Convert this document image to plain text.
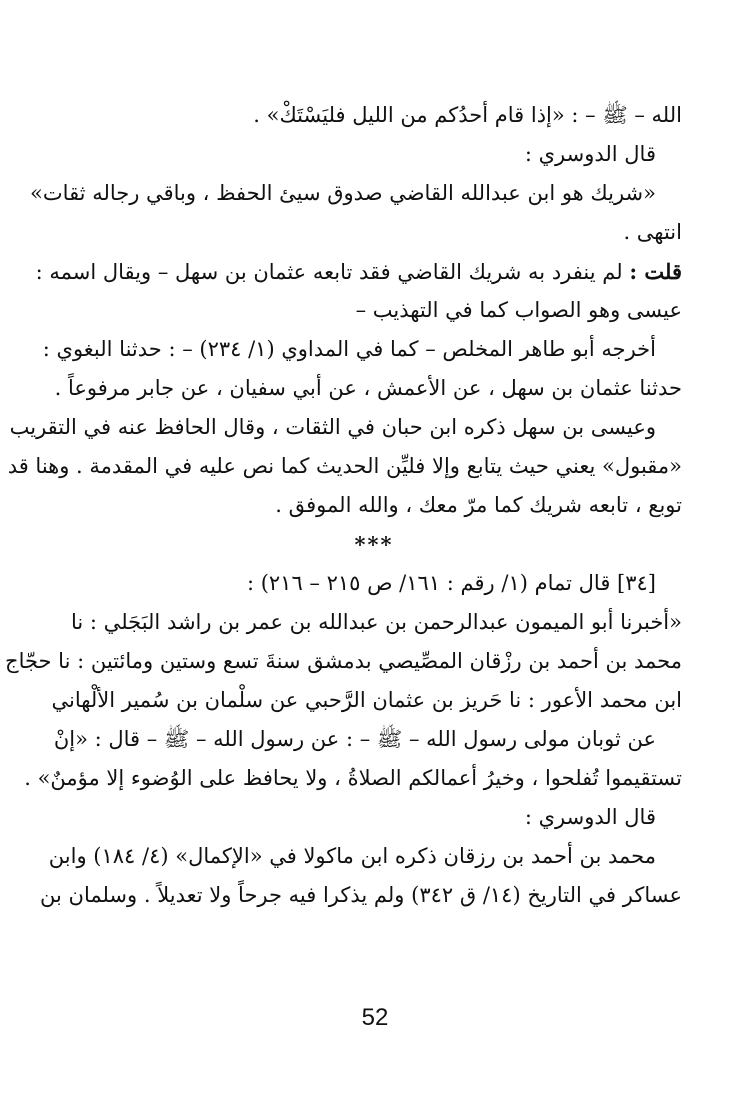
الله – ﷺ – : «إذا قام أحدُكم من الليل فليَسْتَكْ» .
قال الدوسري :
«شريك هو ابن عبدالله القاضي صدوق سيئ الحفظ ، وباقي رجاله ثقات»
انتهى .
قلت : لم ينفرد به شريك القاضي فقد تابعه عثمان بن سهل – ويقال اسمه :
عيسى وهو الصواب كما في التهذيب –
أخرجه أبو طاهر المخلص – كما في المداوي (١/ ٢٣٤) – : حدثنا البغوي :
حدثنا عثمان بن سهل ، عن الأعمش ، عن أبي سفيان ، عن جابر مرفوعاً .
وعيسى بن سهل ذكره ابن حبان في الثقات ، وقال الحافظ عنه في التقريب
«مقبول» يعني حيث يتابع وإلا فليِّن الحديث كما نص عليه في المقدمة . وهنا قد
توبع ، تابعه شريك كما مرّ معك ، والله الموفق .
***
[٣٤] قال تمام (١/ رقم : ١٦١/ ص ٢١٥ – ٢١٦) :
«أخبرنا أبو الميمون عبدالرحمن بن عبدالله بن عمر بن راشد البَجَلي : نا
محمد بن أحمد بن رزْقان المصِّيصي بدمشق سنةَ تسع وستين ومائتين : نا حجّاج
ابن محمد الأعور : نا حَريز بن عثمان الرَّحبي عن سلْمان بن سُمير الألْهاني
عن ثوبان مولى رسول الله – ﷺ – : عن رسول الله – ﷺ – قال : «إنْ
تستقيموا تُفلحوا ، وخيرُ أعمالكم الصلاةُ ، ولا يحافظ على الوُضوء إلا مؤمنٌ» .
قال الدوسري :
محمد بن أحمد بن رزقان ذكره ابن ماكولا في «الإكمال» (٤/ ١٨٤) وابن
عساكر في التاريخ (١٤/ ق ٣٤٢) ولم يذكرا فيه جرحاً ولا تعديلاً . وسلمان بن
52
